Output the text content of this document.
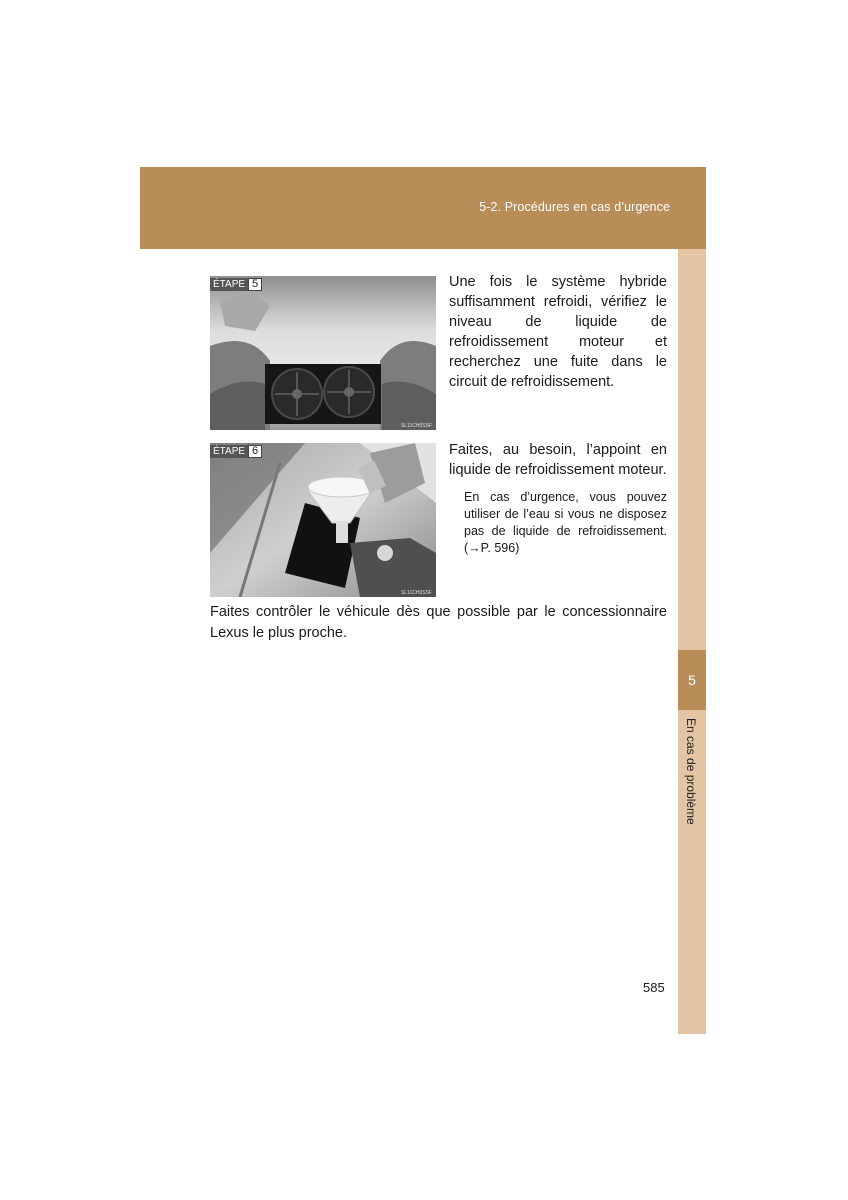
5-2. Procédures en cas d’urgence
5
En cas de problème
ÉTAPE 5
SL11CH0SSF

Une fois le système hybride suffisamment refroidi, vérifiez le niveau de liquide de refroidissement moteur et recherchez une fuite dans le circuit de refroidissement.

ÉTAPE 6
SL11CH0SSF

Faites, au besoin, l’appoint en liquide de refroidissement moteur.

En cas d’urgence, vous pouvez utiliser de l’eau si vous ne disposez pas de liquide de refroidissement. (→P. 596)

Faites contrôler le véhicule dès que possible par le concessionnaire Lexus le plus proche.

585
